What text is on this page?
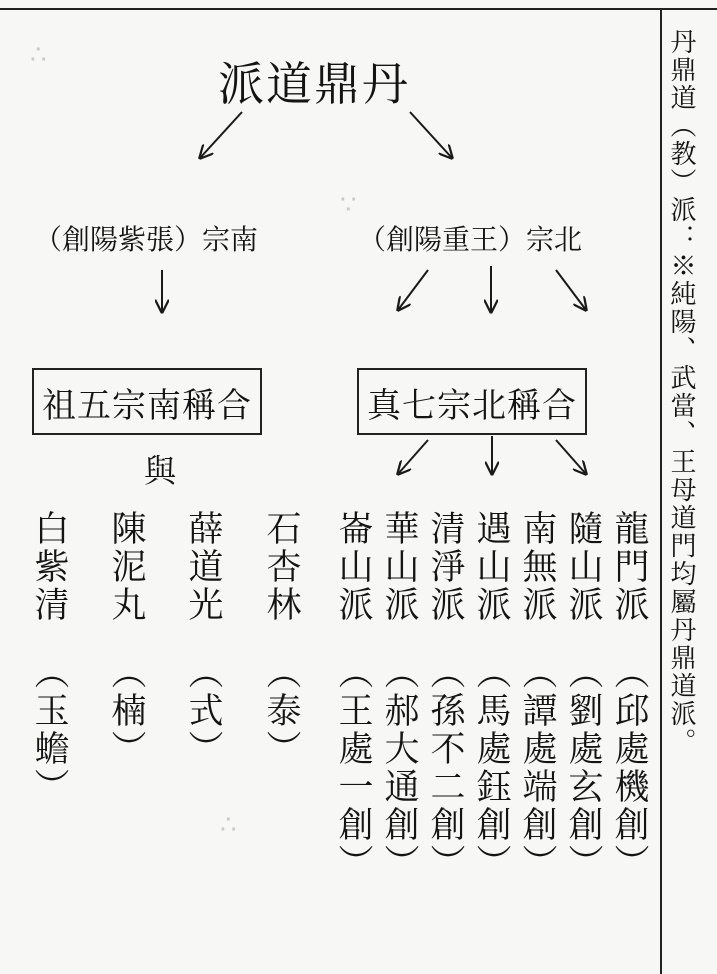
∴
∵
∴
派道鼎丹
（創陽紫張）宗南	（創陽重王）宗北
祖五宗南稱合	真七宗北稱合
與
白紫清（玉蟾）
陳泥丸（楠）
薛道光（式）
石杏林（泰）
崙山派（王處一創）
華山派（郝大通創）
清淨派（孫不二創）
遇山派（馬處鈺創）
南無派（譚處端創）
隨山派（劉處玄創）
龍門派（邱處機創）
丹鼎道（教）派：※純陽、武當、王母道門均屬丹鼎道派。
